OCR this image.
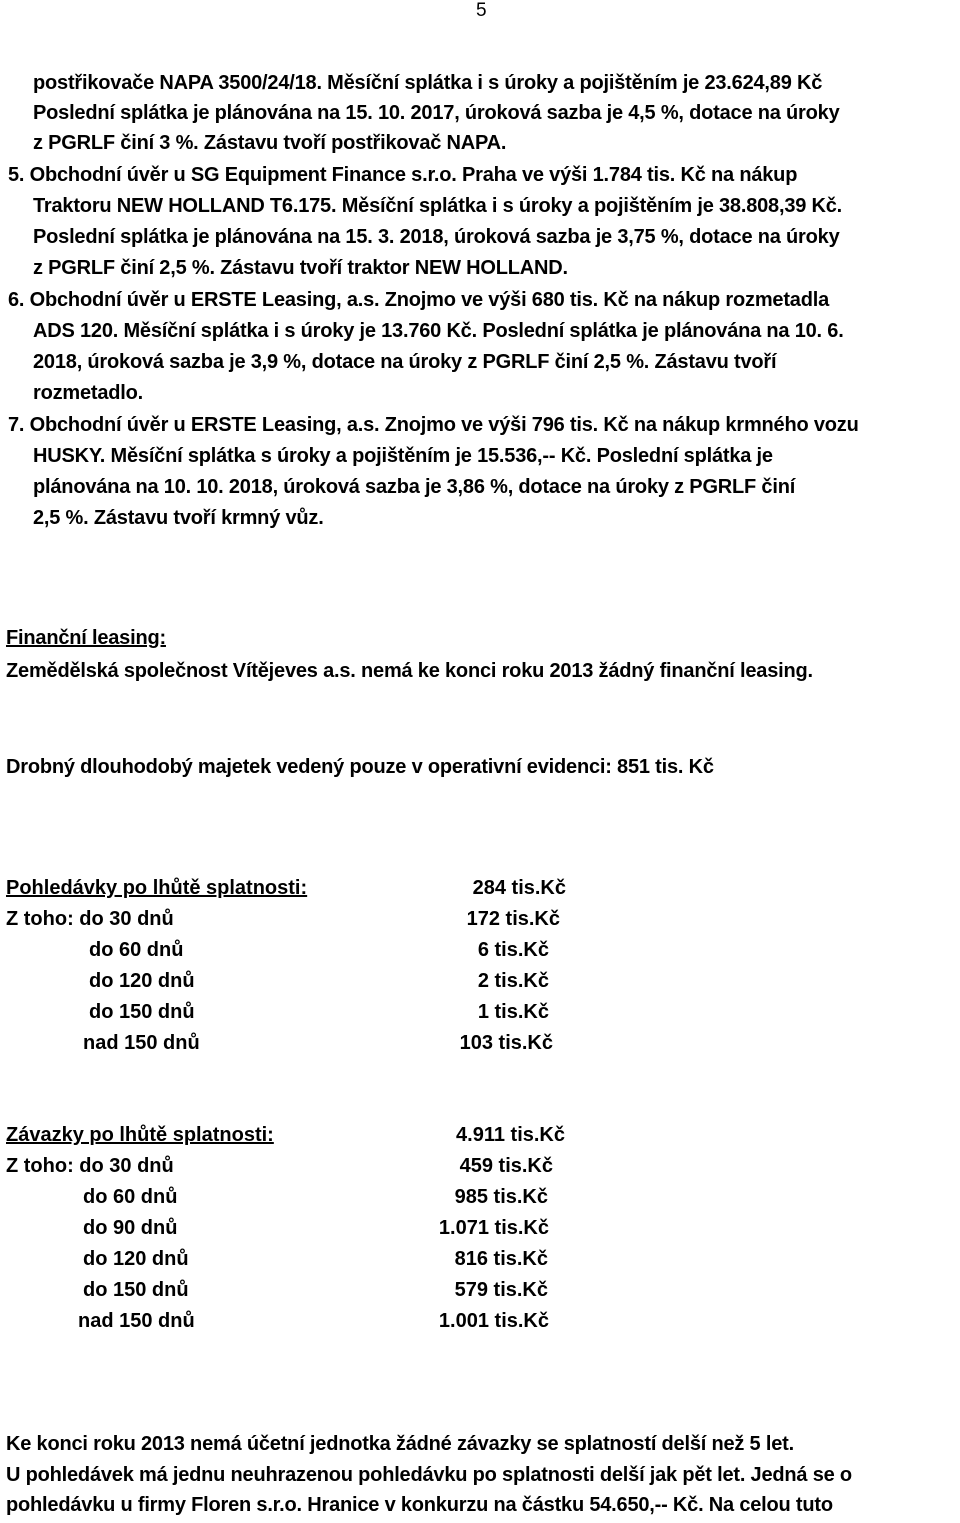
5
postřikovače NAPA 3500/24/18. Měsíční splátka i s úroky a pojištěním je 23.624,89 Kč
Poslední splátka je plánována na 15. 10. 2017, úroková sazba je 4,5 %, dotace na úroky
z PGRLF činí 3 %. Zástavu tvoří postřikovač NAPA.
5. Obchodní úvěr u SG Equipment Finance s.r.o. Praha ve výši 1.784 tis. Kč na nákup
Traktoru NEW HOLLAND T6.175. Měsíční splátka i s úroky a pojištěním je 38.808,39 Kč.
Poslední splátka je plánována na 15. 3. 2018, úroková sazba je 3,75 %, dotace na úroky
z PGRLF činí 2,5 %. Zástavu tvoří traktor NEW HOLLAND.
6. Obchodní úvěr u ERSTE Leasing, a.s. Znojmo ve výši 680 tis. Kč na nákup rozmetadla
ADS 120. Měsíční splátka i s úroky je 13.760 Kč. Poslední splátka je plánována na 10. 6.
2018, úroková sazba je 3,9 %, dotace na úroky z PGRLF činí 2,5 %. Zástavu tvoří
rozmetadlo.
7. Obchodní úvěr u ERSTE Leasing, a.s. Znojmo ve výši 796 tis. Kč na nákup krmného vozu
HUSKY. Měsíční splátka s úroky a pojištěním je 15.536,-- Kč. Poslední splátka je
plánována na 10. 10. 2018, úroková sazba je 3,86 %, dotace na úroky z PGRLF činí
2,5 %. Zástavu tvoří krmný vůz.
Finanční leasing:
Zemědělská společnost Vítějeves a.s. nemá ke konci roku 2013 žádný finanční leasing.
Drobný dlouhodobý majetek vedený pouze v operativní evidenci: 851 tis. Kč
Pohledávky po lhůtě splatnosti:	284 tis.Kč
Z toho: do 30 dnů	172 tis.Kč
do 60 dnů	6 tis.Kč
do 120 dnů	2 tis.Kč
do 150 dnů	1 tis.Kč
nad 150 dnů	103 tis.Kč
Závazky po lhůtě splatnosti:	4.911 tis.Kč
Z toho: do 30 dnů	459 tis.Kč
do 60 dnů	985 tis.Kč
do 90 dnů	1.071 tis.Kč
do 120 dnů	816 tis.Kč
do 150 dnů	579 tis.Kč
nad 150 dnů	1.001 tis.Kč
Ke konci roku 2013 nemá účetní jednotka žádné závazky se splatností delší než 5 let.
U pohledávek má jednu neuhrazenou pohledávku po splatnosti delší jak pět let. Jedná se o
pohledávku u firmy Floren s.r.o. Hranice v konkurzu na částku 54.650,-- Kč. Na celou tuto
